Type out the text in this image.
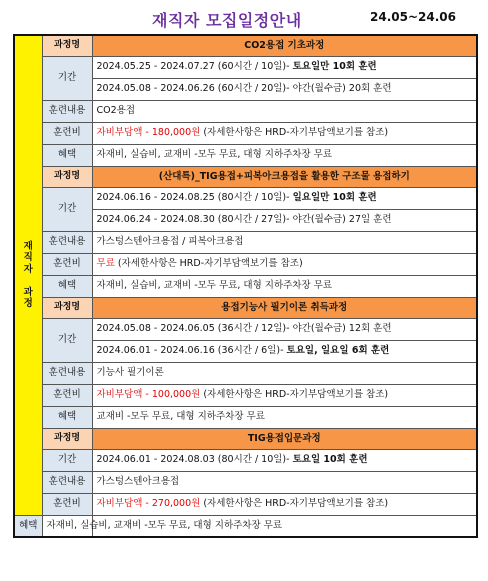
재직자 모집일정안내	24.05~24.06
재
직
자

과
정	과정명	CO2용접 기초과정
	기간	2024.05.25 - 2024.07.27 (60시간 / 10일)- 토요일만 10회 훈련
		2024.05.08 - 2024.06.26 (60시간 / 20일)- 야간(월수금) 20회 훈련
	훈련내용	CO2용접
	훈련비	자비부담액 - 180,000원 (자세한사항은 HRD-자기부담액보기를 참조)
	혜택	자재비, 실습비, 교재비 -모두 무료, 대형 지하주차장 무료
	과정명	(산대특)_TIG용접+피복아크용접을 활용한 구조물 용접하기
	기간	2024.06.16 - 2024.08.25 (80시간 / 10일)- 일요일만 10회 훈련
		2024.06.24 - 2024.08.30 (80시간 / 27일)- 야간(월수금) 27일 훈련
	훈련내용	가스텅스텐아크용접 / 피복아크용접
	훈련비	무료 (자세한사항은 HRD-자기부담액보기를 참조)
	혜택	자재비, 실습비, 교재비 -모두 무료, 대형 지하주차장 무료
	과정명	용접기능사 필기이론 취득과정
	기간	2024.05.08 - 2024.06.05 (36시간 / 12일)- 야간(월수금) 12회 훈련
		2024.06.01 - 2024.06.16 (36시간 / 6일)- 토요일, 일요일 6회 훈련
	훈련내용	기능사 필기이론
	훈련비	자비부담액 - 100,000원 (자세한사항은 HRD-자기부담액보기를 참조)
	혜택	교재비 -모두 무료, 대형 지하주차장 무료
	과정명	TIG용접입문과정
	기간	2024.06.01 - 2024.08.03 (80시간 / 10일)- 토요일 10회 훈련
	훈련내용	가스텅스텐아크용접
	훈련비	자비부담액 - 270,000원 (자세한사항은 HRD-자기부담액보기를 참조)
혜택	자재비, 실습비, 교재비 -모두 무료, 대형 지하주차장 무료	
